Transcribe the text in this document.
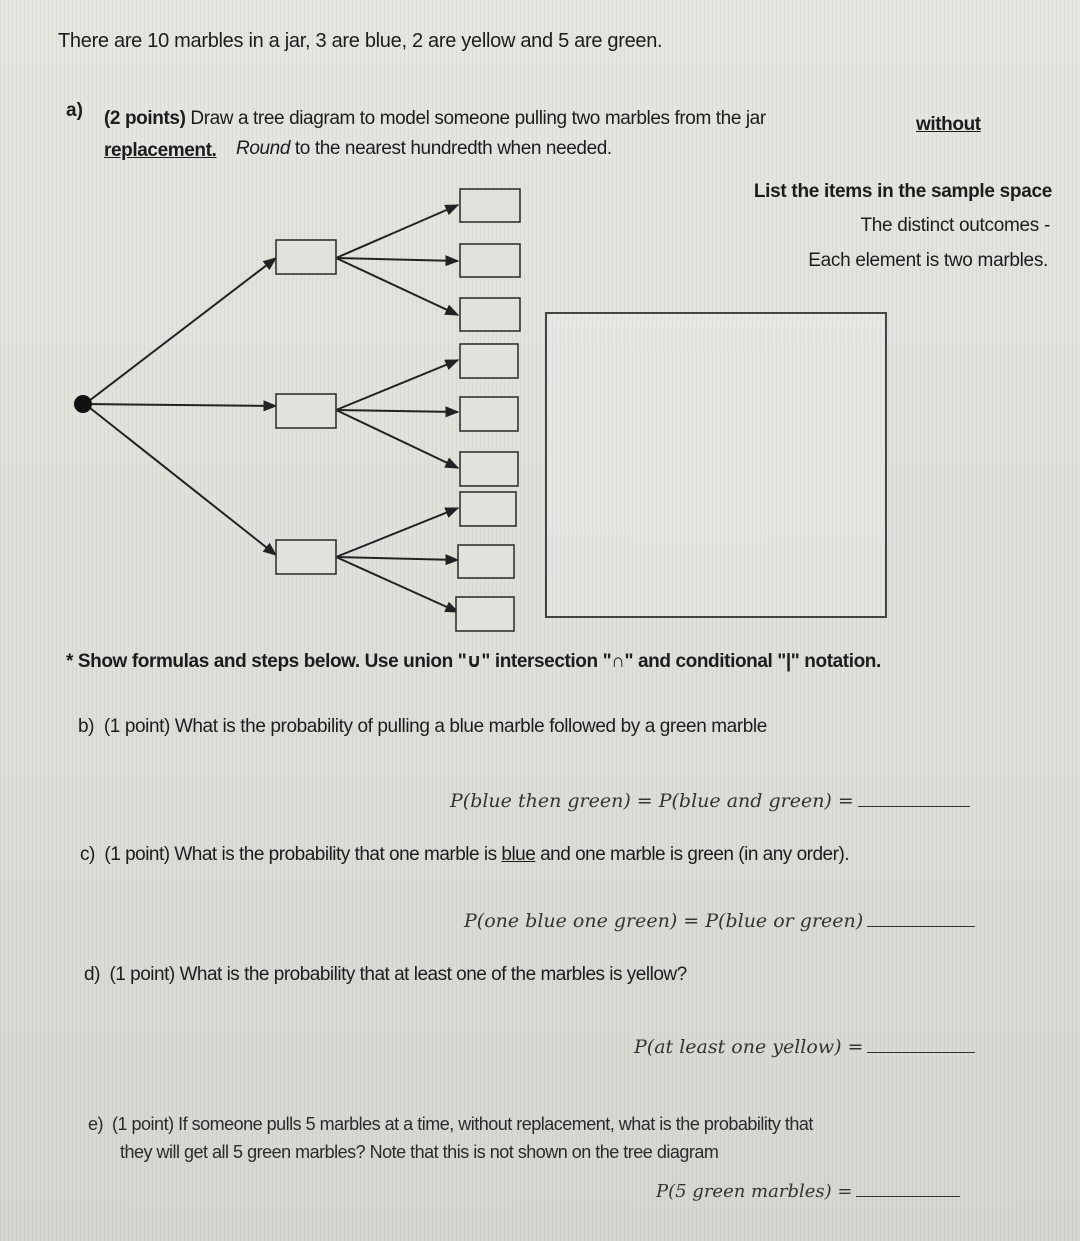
There are 10 marbles in a jar, 3 are blue, 2 are yellow and 5 are green.
a) (2 points) Draw a tree diagram to model someone pulling two marbles from the jar	without replacement.	Round to the nearest hundredth when needed.
List the items in the sample space
The distinct outcomes -
Each element is two marbles.
* Show formulas and steps below. Use union "∪" intersection "∩" and conditional "|" notation.
b) (1 point) What is the probability of pulling a blue marble followed by a green marble
P(blue then green) = P(blue and green) =
c) (1 point) What is the probability that one marble is blue and one marble is green (in any order).
P(one blue one green) = P(blue or green)
d) (1 point) What is the probability that at least one of the marbles is yellow?
P(at least one yellow) =
e) (1 point) If someone pulls 5 marbles at a time, without replacement, what is the probability that
they will get all 5 green marbles? Note that this is not shown on the tree diagram
P(5 green marbles) =
